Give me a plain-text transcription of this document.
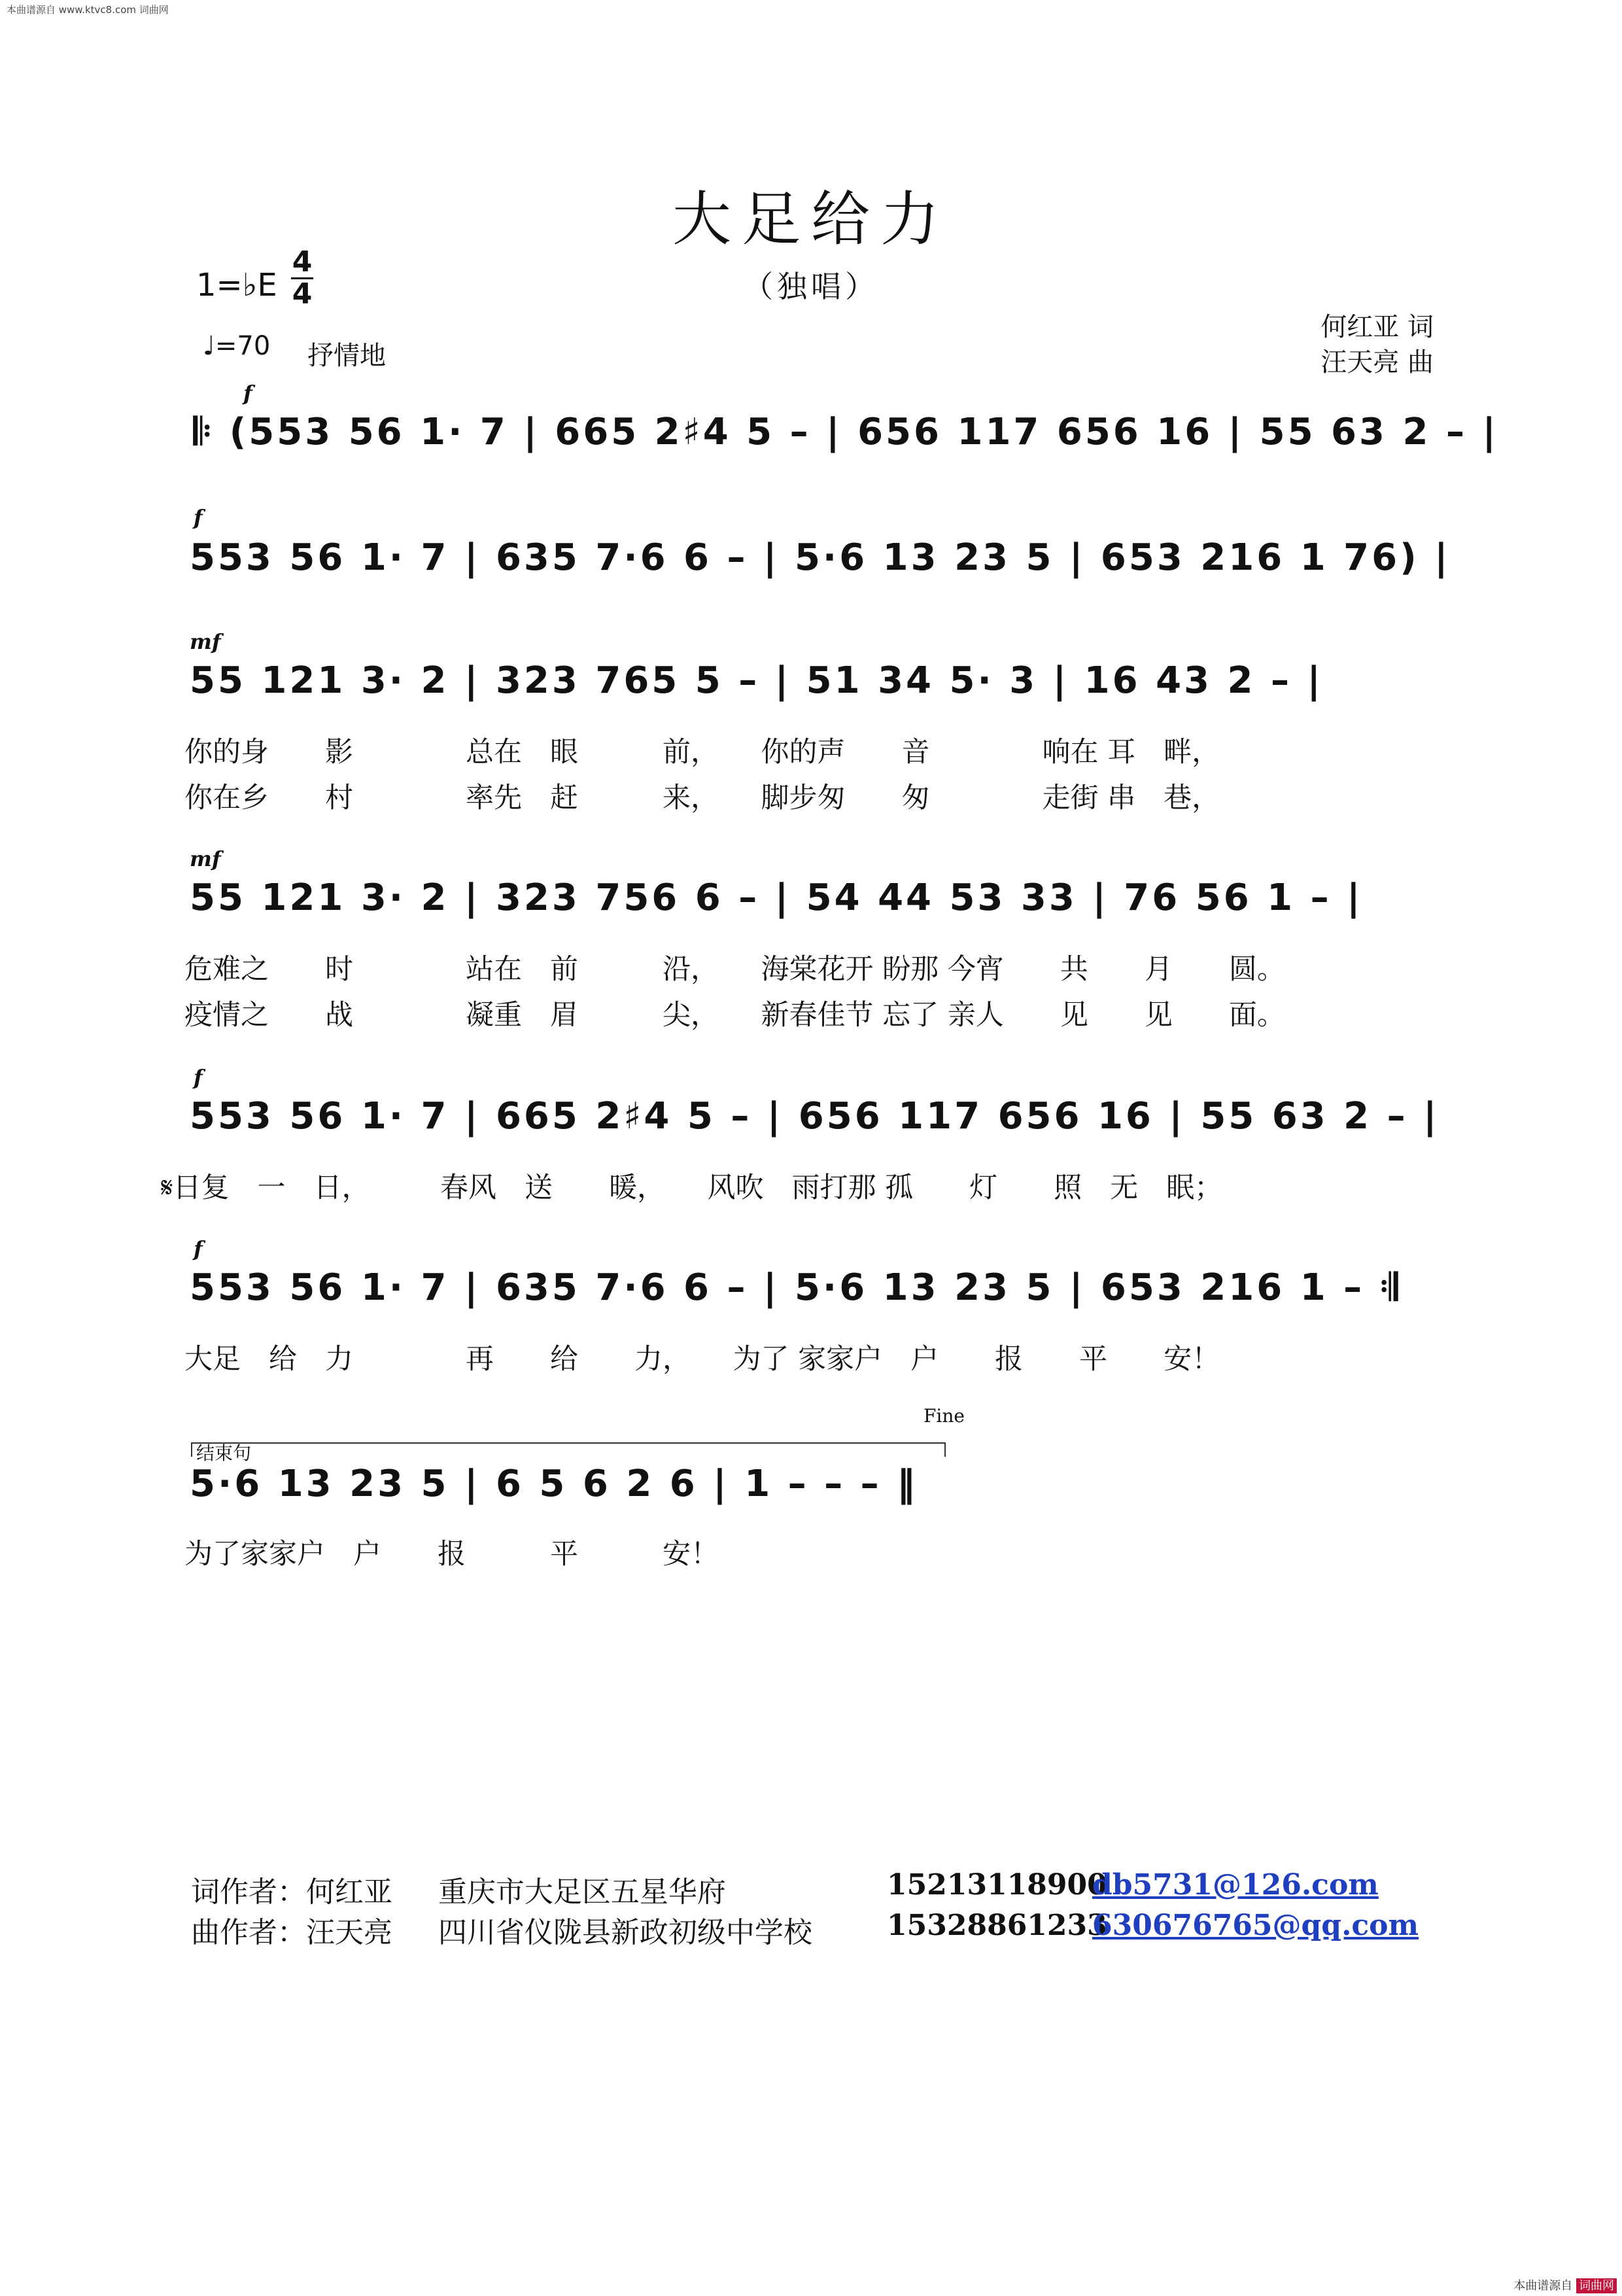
本曲谱源自 www.ktvc8.com 词曲网
大足给力
（独唱）
1=♭E
4
4
♩=70 抒情地
何红亚 词
汪天亮 曲
f
𝄆 (553 56 1· 7 | 665 2♯4 5 – | 656 117 656 16 | 55 63 2 – |
f
553 56 1· 7 | 635 7·6 6 – | 5·6 13 23 5 | 653 216 1 76) |
mf
55 121 3· 2 | 323 765 5 – | 51 34 5· 3 | 16 43 2 – |
你的身　　影　　　　总在　眼　　　前，　　你的声　　音　　　　响在 耳　畔，
你在乡　　村　　　　率先　赶　　　来，　　脚步匆　　匆　　　　走街 串　巷，
mf
55 121 3· 2 | 323 756 6 – | 54 44 53 33 | 76 56 1 – |
危难之　　时　　　　站在　前　　　沿，　　海棠花开 盼那 今宵　　共　　月　　圆。
疫情之　　战　　　　凝重　眉　　　尖，　　新春佳节 忘了 亲人　　见　　见　　面。
f
553 56 1· 7 | 665 2♯4 5 – | 656 117 656 16 | 55 63 2 – |
𝄋日复　一　日，　　　春风　送　　暖，　　风吹　雨打那 孤　　灯　　照　无　眠；
f
553 56 1· 7 | 635 7·6 6 – | 5·6 13 23 5 | 653 216 1 – 𝄇
大足　给　力　　　　再　　给　　力，　　为了 家家户　户　　报　　平　　安！
Fine
结束句
5·6 13 23 5 | 6 5 6 2 6 | 1 – – – ‖
为了家家户　户　　报　　　平　　　安！
词作者：何红亚 重庆市大足区五星华府	15213118900
db5731@126.com
曲作者：汪天亮 四川省仪陇县新政初级中学校	15328861233
630676765@qq.com
本曲谱源自 词曲网
